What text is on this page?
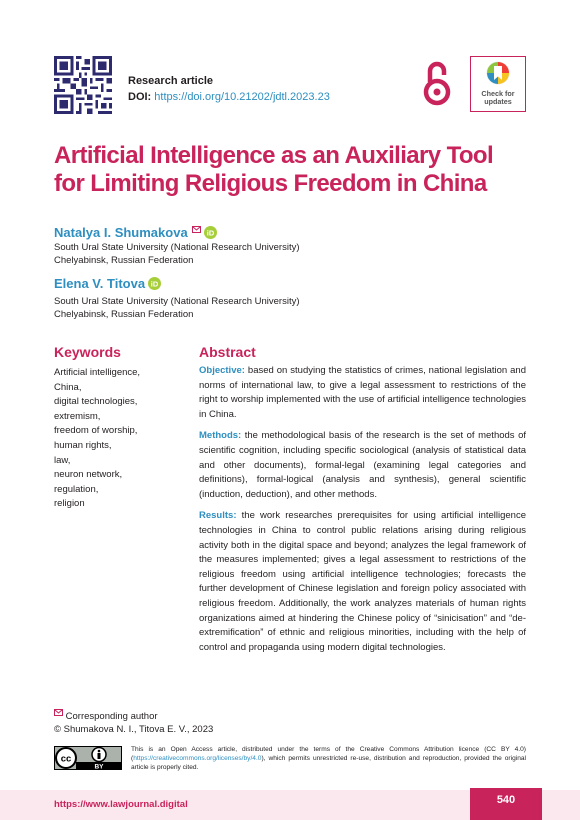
Research article
DOI: https://doi.org/10.21202/jdtl.2023.23	Check for
updates
Artificial Intelligence as an Auxiliary Tool
for Limiting Religious Freedom in China
Natalya I. Shumakova	iD
South Ural State University (National Research University)
Chelyabinsk, Russian Federation
Elena V. Titova iD
South Ural State University (National Research University)
Chelyabinsk, Russian Federation
Keywords
Artificial intelligence,
China,
digital technologies,
extremism,
freedom of worship,
human rights,
law,
neuron network,
regulation,
religion
Abstract

Objective: based on studying the statistics of crimes, national legislation and norms of international law, to give a legal assessment to restrictions of the right to worship implemented with the use of artificial intelligence technologies in China.

Methods: the methodological basis of the research is the set of methods of scientific cognition, including specific sociological (analysis of statistical data and other documents), formal-legal (examining legal categories and definitions), formal-logical (analysis and synthesis), general scientific (induction, deduction), and other methods.

Results: the work researches prerequisites for using artificial intelligence technologies in China to control public relations arising during religious activity both in the digital space and beyond; analyzes the legal framework of the measures implemented; gives a legal assessment to restrictions of the religious freedom using artificial intelligence technologies; forecasts the further development of Chinese legislation and foreign policy associated with religious freedom. Additionally, the work analyzes materials of human rights organizations aimed at hindering the Chinese policy of “sinicisation” and “de-extremification” of ethnic and religious minorities, including with the help of control and propaganda using modern digital technologies.

Corresponding author
© Shumakova N. I., Titova E. V., 2023
cc
BY
This is an Open Access article, distributed under the terms of the Creative Commons Attribution licence (CC BY 4.0) (https://creativecommons.org/licenses/by/4.0), which permits unrestricted re-use, distribution and reproduction, provided the original article is properly cited.
https://www.lawjournal.digital	540
